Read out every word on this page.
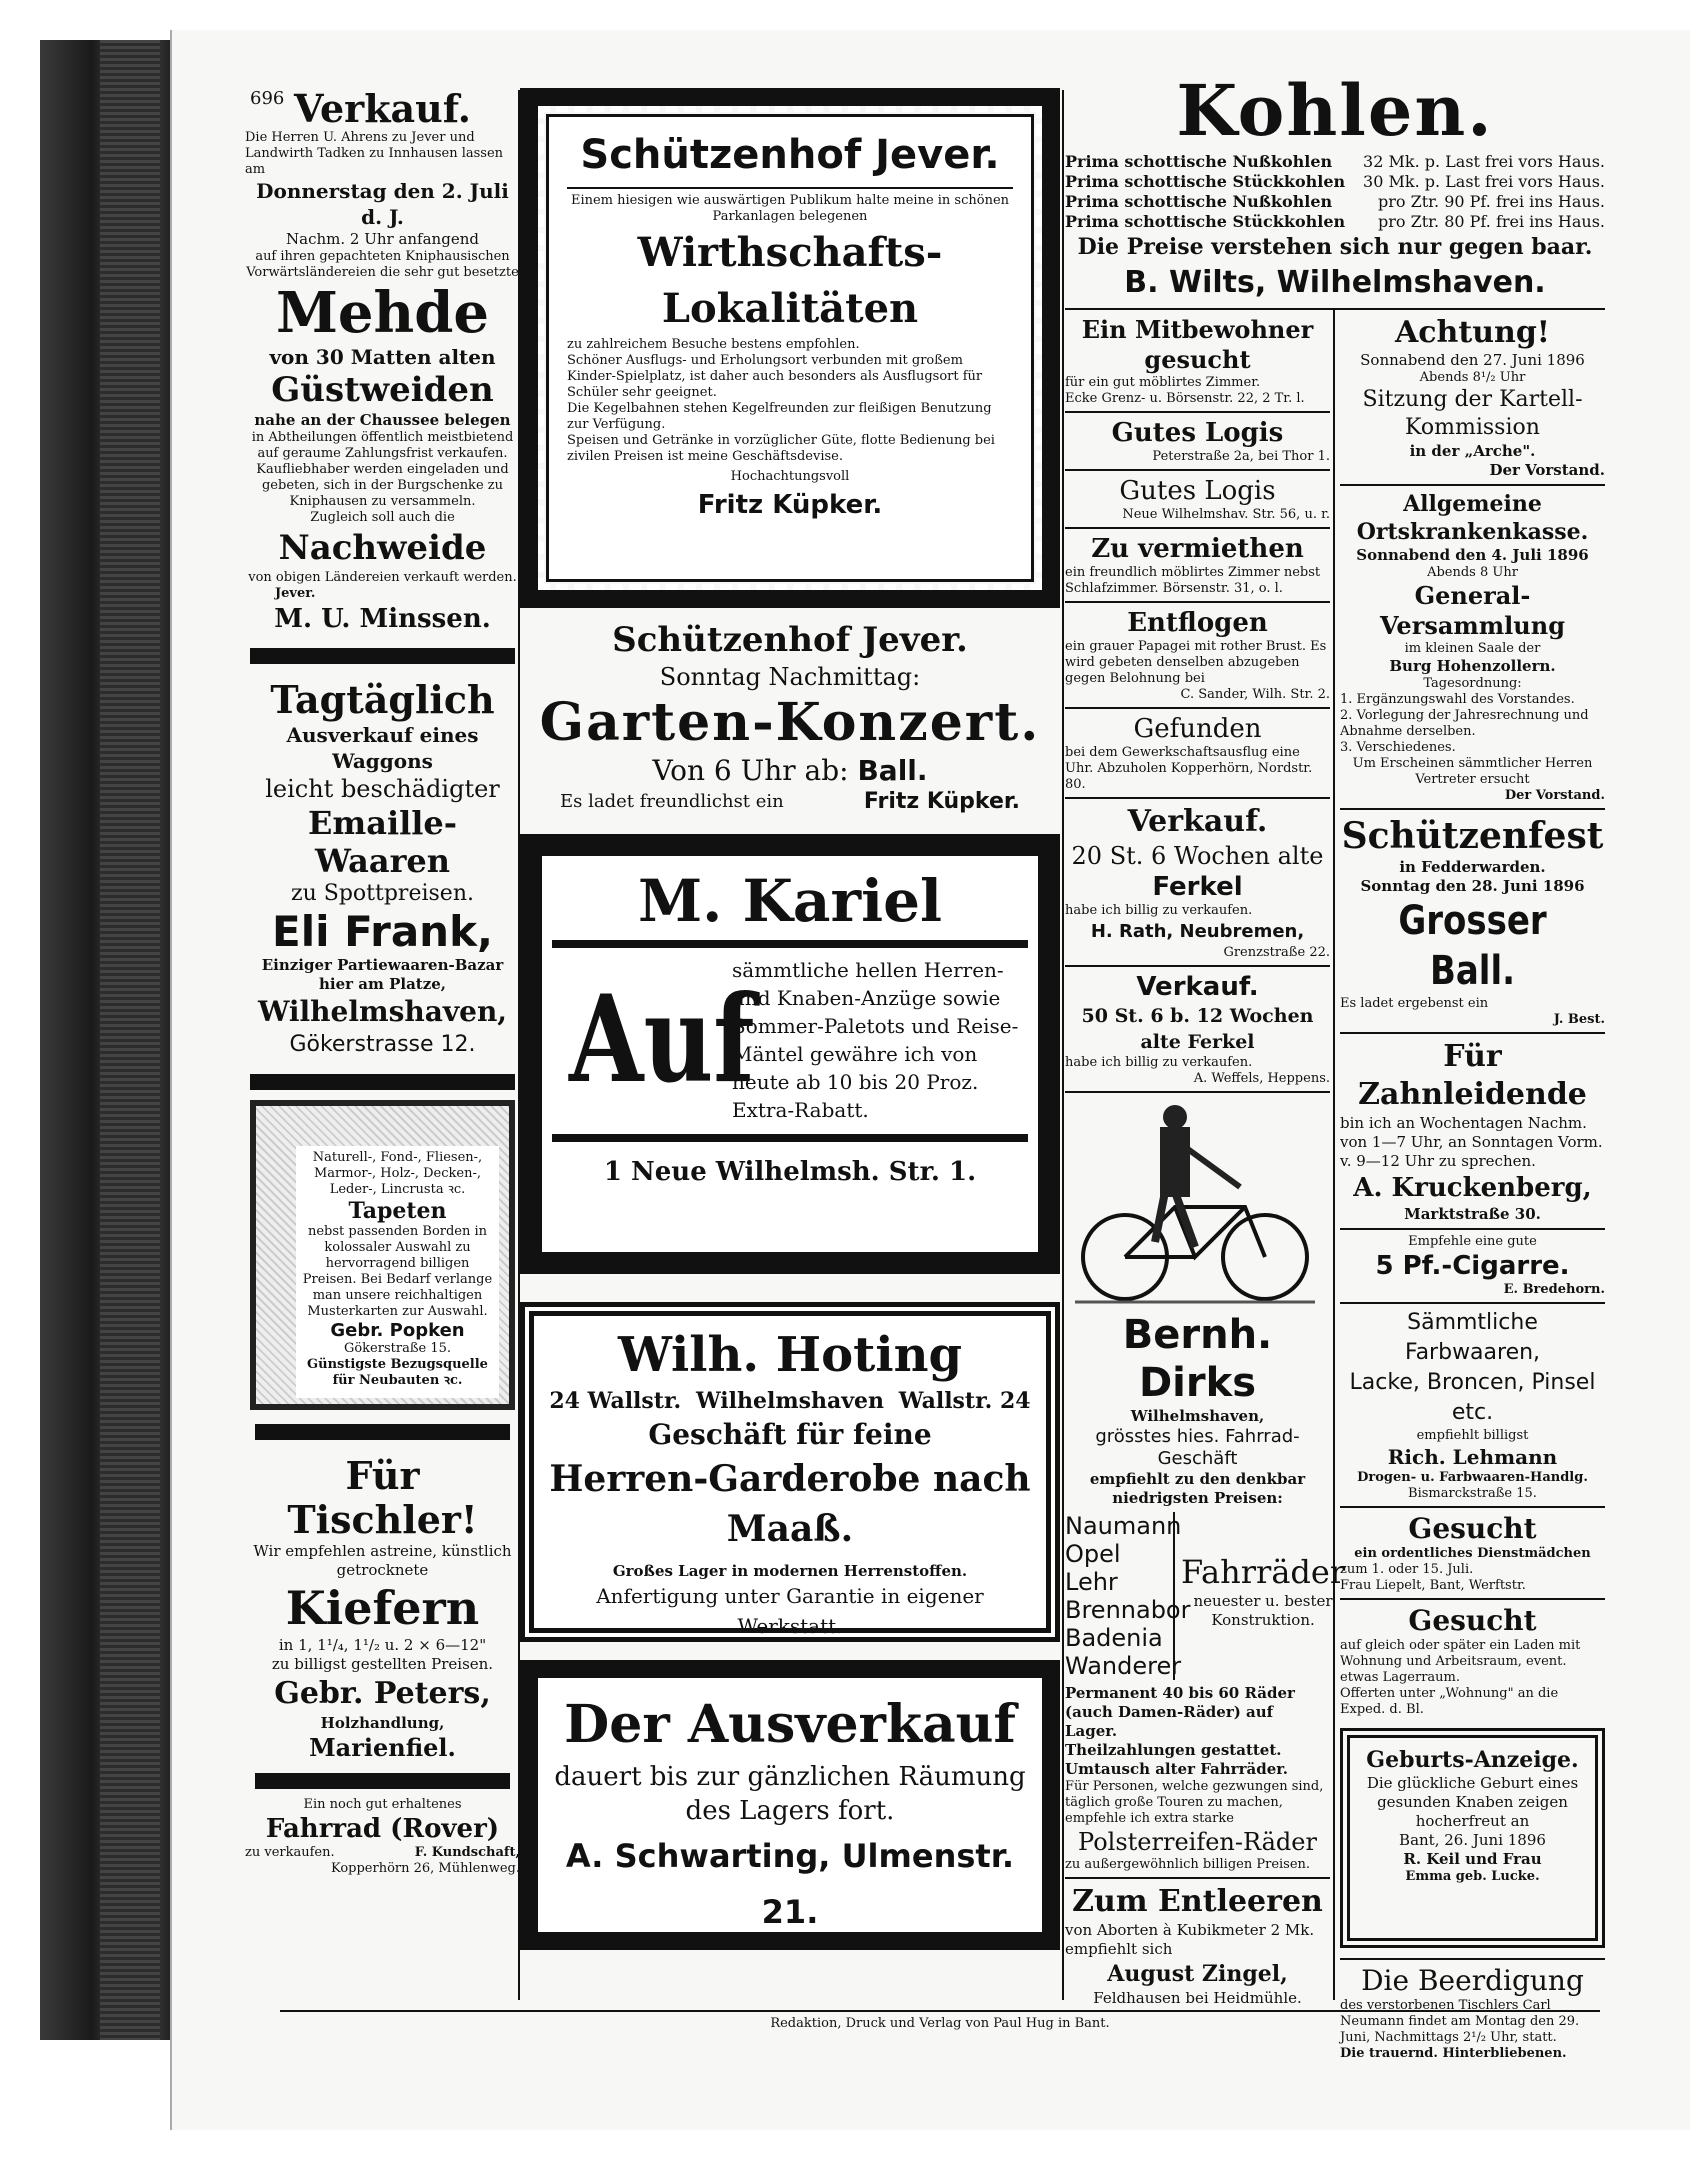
696 Verkauf.
Die Herren U. Ahrens zu Jever und Landwirth Tadken zu Innhausen lassen am
Donnerstag den 2. Juli d. J.
Nachm. 2 Uhr anfangend
auf ihren gepachteten Kniphausischen Vorwärtsländereien die sehr gut besetzte
Mehde
von 30 Matten alten
Güstweiden
nahe an der Chaussee belegen
in Abtheilungen öffentlich meistbietend auf geraume Zahlungsfrist verkaufen. Kaufliebhaber werden eingeladen und gebeten, sich in der Burgschenke zu Kniphausen zu versammeln.
Zugleich soll auch die
Nachweide
von obigen Ländereien verkauft werden.
Jever.
M. U. Minssen.
Tagtäglich
Ausverkauf eines Waggons
leicht beschädigter
Emaille-Waaren
zu Spottpreisen.
Eli Frank,
Einziger Partiewaaren-Bazar
hier am Platze,
Wilhelmshaven,
Gökerstrasse 12.
Naturell-, Fond-, Fliesen-, Marmor-, Holz-, Decken-, Leder-, Lincrusta ꝛc.
Tapeten
nebst passenden Borden in kolossaler Auswahl zu hervorragend billigen Preisen. Bei Bedarf verlange man unsere reichhaltigen Musterkarten zur Auswahl.
Gebr. Popken
Gökerstraße 15.
Günstigste Bezugsquelle für Neubauten ꝛc.
Für Tischler!
Wir empfehlen astreine, künstlich getrocknete
Kiefern
in 1, 1¹/₄, 1¹/₂ u. 2 × 6—12"
zu billigst gestellten Preisen.
Gebr. Peters,
Holzhandlung,
Marienfiel.
Ein noch gut erhaltenes
Fahrrad (Rover)
zu verkaufen.	F. Kundschaft,
Kopperhörn 26, Mühlenweg.
Schützenhof Jever.
Einem hiesigen wie auswärtigen Publikum halte meine in schönen Parkanlagen belegenen
Wirthschafts-Lokalitäten
zu zahlreichem Besuche bestens empfohlen.
Schöner Ausflugs- und Erholungsort verbunden mit großem Kinder-Spielplatz, ist daher auch besonders als Ausflugsort für Schüler sehr geeignet.
Die Kegelbahnen stehen Kegelfreunden zur fleißigen Benutzung zur Verfügung.
Speisen und Getränke in vorzüglicher Güte, flotte Bedienung bei zivilen Preisen ist meine Geschäftsdevise.
Hochachtungsvoll
Fritz Küpker.
Schützenhof Jever.
Sonntag Nachmittag:
Garten-Konzert.
Von 6 Uhr ab: Ball.
Es ladet freundlichst ein	Fritz Küpker.
M. Kariel
Auf
sämmtliche hellen Herren- und Knaben-Anzüge sowie Sommer-Paletots und Reise-Mäntel gewähre ich von heute ab 10 bis 20 Proz. Extra-Rabatt.
1 Neue Wilhelmsh. Str. 1.
Wilh. Hoting
24 Wallstr. Wilhelmshaven Wallstr. 24
Geschäft für feine
Herren-Garderobe nach Maaß.
Großes Lager in modernen Herrenstoffen.
Anfertigung unter Garantie in eigener Werkstatt.
Der Ausverkauf
dauert bis zur gänzlichen Räumung
des Lagers fort.
A. Schwarting, Ulmenstr. 21.
Kohlen.
Prima schottische Nußkohlen 32 Mk. p. Last frei vors Haus.
Prima schottische Stückkohlen 30 Mk. p. Last frei vors Haus.
Prima schottische Nußkohlen	pro Ztr. 90 Pf. frei ins Haus.
Prima schottische Stückkohlen pro Ztr. 80 Pf. frei ins Haus.
Die Preise verstehen sich nur gegen baar.
B. Wilts, Wilhelmshaven.
Ein Mitbewohner gesucht
für ein gut möblirtes Zimmer.
Ecke Grenz- u. Börsenstr. 22, 2 Tr. l.
Gutes Logis
Peterstraße 2a, bei Thor 1.
Gutes Logis
Neue Wilhelmshav. Str. 56, u. r.
Zu vermiethen
ein freundlich möblirtes Zimmer nebst Schlafzimmer. Börsenstr. 31, o. l.
Entflogen
ein grauer Papagei mit rother Brust. Es wird gebeten denselben abzugeben gegen Belohnung bei
C. Sander, Wilh. Str. 2.
Gefunden
bei dem Gewerkschaftsausflug eine Uhr. Abzuholen Kopperhörn, Nordstr. 80.
Verkauf.
20 St. 6 Wochen alte
Ferkel
habe ich billig zu verkaufen.
H. Rath, Neubremen,
Grenzstraße 22.
Verkauf.
50 St. 6 b. 12 Wochen alte Ferkel
habe ich billig zu verkaufen.
A. Weffels, Heppens.
Bernh. Dirks
Wilhelmshaven,
grösstes hies. Fahrrad-Geschäft
empfiehlt zu den denkbar niedrigsten Preisen:
Naumann
Opel
Lehr
Brennabor
Badenia
Wanderer
Fahrräder
neuester u. bester Konstruktion.
Permanent 40 bis 60 Räder (auch Damen-Räder) auf Lager.
Theilzahlungen gestattet. Umtausch alter Fahrräder.
Für Personen, welche gezwungen sind, täglich große Touren zu machen, empfehle ich extra starke
Polsterreifen-Räder
zu außergewöhnlich billigen Preisen.
Zum Entleeren
von Aborten à Kubikmeter 2 Mk. empfiehlt sich
August Zingel,
Feldhausen bei Heidmühle.
Achtung!
Sonnabend den 27. Juni 1896
Abends 8¹/₂ Uhr
Sitzung der Kartell-Kommission
in der „Arche".
Der Vorstand.
Allgemeine Ortskrankenkasse.
Sonnabend den 4. Juli 1896
Abends 8 Uhr
General-Versammlung
im kleinen Saale der
Burg Hohenzollern.
Tagesordnung:
1. Ergänzungswahl des Vorstandes.
2. Vorlegung der Jahresrechnung und Abnahme derselben.
3. Verschiedenes.
Um Erscheinen sämmtlicher Herren Vertreter ersucht
Der Vorstand.
Schützenfest
in Fedderwarden.
Sonntag den 28. Juni 1896
Grosser Ball.
Es ladet ergebenst ein
J. Best.
Für Zahnleidende
bin ich an Wochentagen Nachm. von 1—7 Uhr, an Sonntagen Vorm. v. 9—12 Uhr zu sprechen.
A. Kruckenberg,
Marktstraße 30.
Empfehle eine gute
5 Pf.-Cigarre.
E. Bredehorn.
Sämmtliche Farbwaaren,
Lacke, Broncen, Pinsel etc.
empfiehlt billigst
Rich. Lehmann
Drogen- u. Farbwaaren-Handlg.
Bismarckstraße 15.
Gesucht
ein ordentliches Dienstmädchen
zum 1. oder 15. Juli.
Frau Liepelt, Bant, Werftstr.
Gesucht
auf gleich oder später ein Laden mit Wohnung und Arbeitsraum, event. etwas Lagerraum.
Offerten unter „Wohnung" an die Exped. d. Bl.
Geburts-Anzeige.
Die glückliche Geburt eines gesunden Knaben zeigen hocherfreut an
Bant, 26. Juni 1896
R. Keil und Frau
Emma geb. Lucke.
Die Beerdigung
des verstorbenen Tischlers Carl Neumann findet am Montag den 29. Juni, Nachmittags 2¹/₂ Uhr, statt.
Die trauernd. Hinterbliebenen.
Redaktion, Druck und Verlag von Paul Hug in Bant.
